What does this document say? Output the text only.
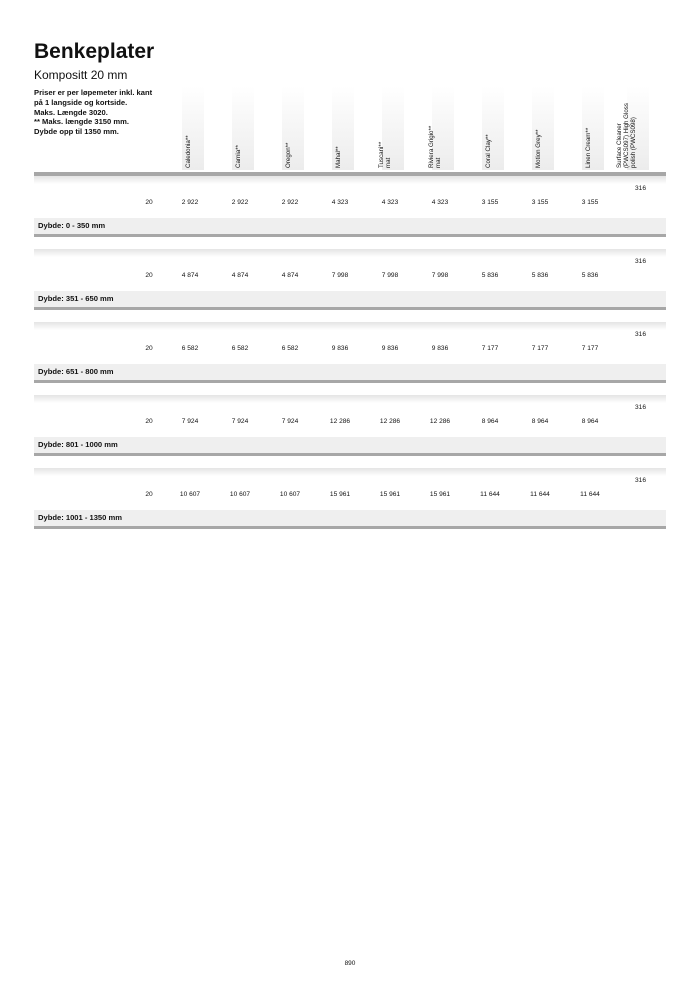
Benkeplater
Kompositt 20 mm
Priser er per løpemeter inkl. kant
på 1 langside og kortside.
Maks. Længde 3020.
** Maks. længde 3150 mm.
Dybde opp til 1350 mm.
Caledonia**	Carnia**	Oregon**	Mahal**	Tuscani** mat	Riviera Grigio** mat	Coral Clay**	Motion Grey**	Linen Cream**	Surface Cleaner (PWCS097) High Gloss polish (PWCS098)
316
20	2 922	2 922	2 922	4 323	4 323	4 323	3 155	3 155	3 155
Dybde: 0 - 350 mm
316
20	4 874	4 874	4 874	7 998	7 998	7 998	5 836	5 836	5 836
Dybde: 351 - 650 mm
316
20	6 582	6 582	6 582	9 836	9 836	9 836	7 177	7 177	7 177
Dybde: 651 - 800 mm
316
20	7 924	7 924	7 924	12 286	12 286	12 286	8 964	8 964	8 964
Dybde: 801 - 1000 mm
316
20	10 607	10 607	10 607	15 961	15 961	15 961	11 644	11 644	11 644
Dybde: 1001 - 1350 mm
890
